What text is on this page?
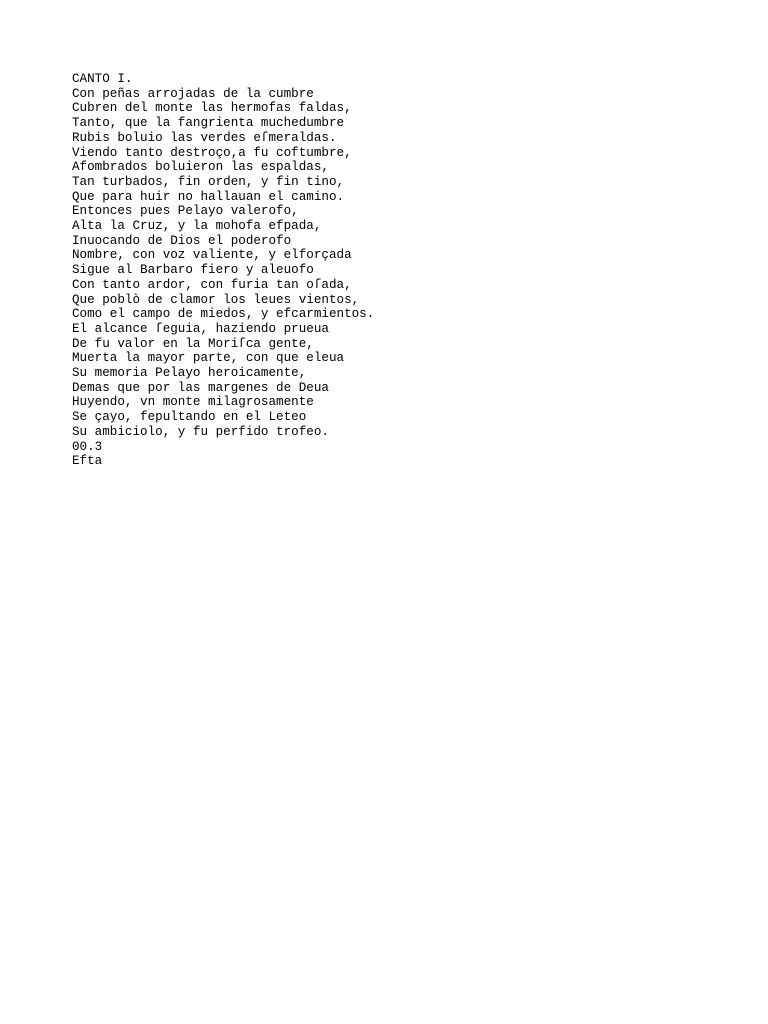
CANTO I.
Con peñas arrojadas de la cumbre
Cubren del monte las hermofas faldas,
Tanto, que la fangrienta muchedumbre
Rubis boluio las verdes eſmeraldas.
Viendo tanto destroço,a fu coftumbre,
Afombrados boluieron las espaldas,
Tan turbados, fin orden, y fin tino,
Que para huir no hallauan el camino.
Entonces pues Pelayo valerofo,
Alta la Cruz, y la mohofa efpada,
Inuocando de Dios el poderofo
Nombre, con voz valiente, y elforçada
Sigue al Barbaro fiero y aleuofo
Con tanto ardor, con furia tan oſada,
Que poblò de clamor los leues vientos,
Como el campo de miedos, y efcarmientos.
El alcance ſeguia, haziendo prueua
De fu valor en la Moriſca gente,
Muerta la mayor parte, con que eleua
Su memoria Pelayo heroicamente,
Demas que por las margenes de Deua
Huyendo, vn monte milagrosamente
Se çayo, fepultando en el Leteo
Su ambiciolo, y fu perfido trofeo.
00.3
Efta
